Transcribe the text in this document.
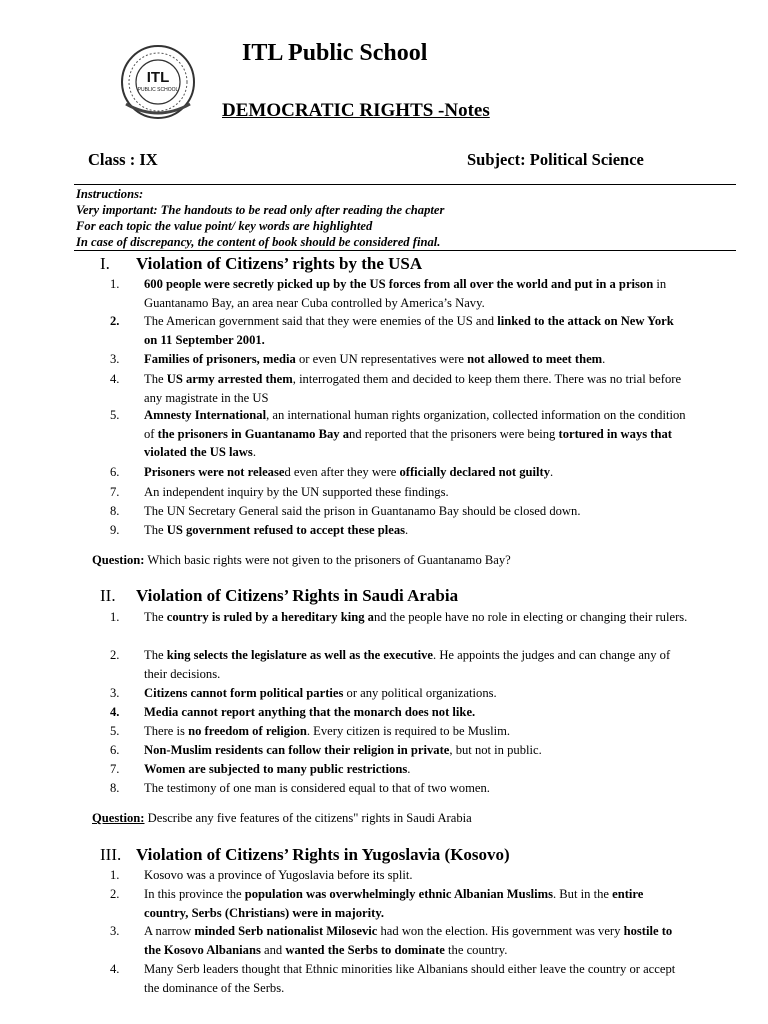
ITL
PUBLIC SCHOOL
ITL Public School
DEMOCRATIC RIGHTS -Notes
Class : IX	Subject: Political Science
Instructions:
Very important: The handouts to be read only after reading the chapter
For each topic the value point/ key words are highlighted
In case of discrepancy, the content of book should be considered final.
I. Violation of Citizens’ rights by the USA
1.	600 people were secretly picked up by the US forces from all over the world and put in a prison in Guantanamo Bay, an area near Cuba controlled by America’s Navy.
2.	The American government said that they were enemies of the US and linked to the attack on New York on 11 September 2001.
3.	Families of prisoners, media or even UN representatives were not allowed to meet them.
4.	The US army arrested them, interrogated them and decided to keep them there. There was no trial before any magistrate in the US
5.	Amnesty International, an international human rights organization, collected information on the condition of the prisoners in Guantanamo Bay and reported that the prisoners were being tortured in ways that violated the US laws.
6.	Prisoners were not released even after they were officially declared not guilty.
7.	An independent inquiry by the UN supported these findings.
8.	The UN Secretary General said the prison in Guantanamo Bay should be closed down.
9.	The US government refused to accept these pleas.
Question: Which basic rights were not given to the prisoners of Guantanamo Bay?
II. Violation of Citizens’ Rights in Saudi Arabia
1.	The country is ruled by a hereditary king and the people have no role in electing or changing their rulers.
2.	The king selects the legislature as well as the executive. He appoints the judges and can change any of their decisions.
3.	Citizens cannot form political parties or any political organizations.
4.	Media cannot report anything that the monarch does not like.
5.	There is no freedom of religion. Every citizen is required to be Muslim.
6.	Non-Muslim residents can follow their religion in private, but not in public.
7.	Women are subjected to many public restrictions.
8.	The testimony of one man is considered equal to that of two women.
Question: Describe any five features of the citizens" rights in Saudi Arabia
III. Violation of Citizens’ Rights in Yugoslavia (Kosovo)
1.	Kosovo was a province of Yugoslavia before its split.
2.	In this province the population was overwhelmingly ethnic Albanian Muslims. But in the entire country, Serbs (Christians) were in majority.
3.	A narrow minded Serb nationalist Milosevic had won the election. His government was very hostile to the Kosovo Albanians and wanted the Serbs to dominate the country.
4.	Many Serb leaders thought that Ethnic minorities like Albanians should either leave the country or accept the dominance of the Serbs.
